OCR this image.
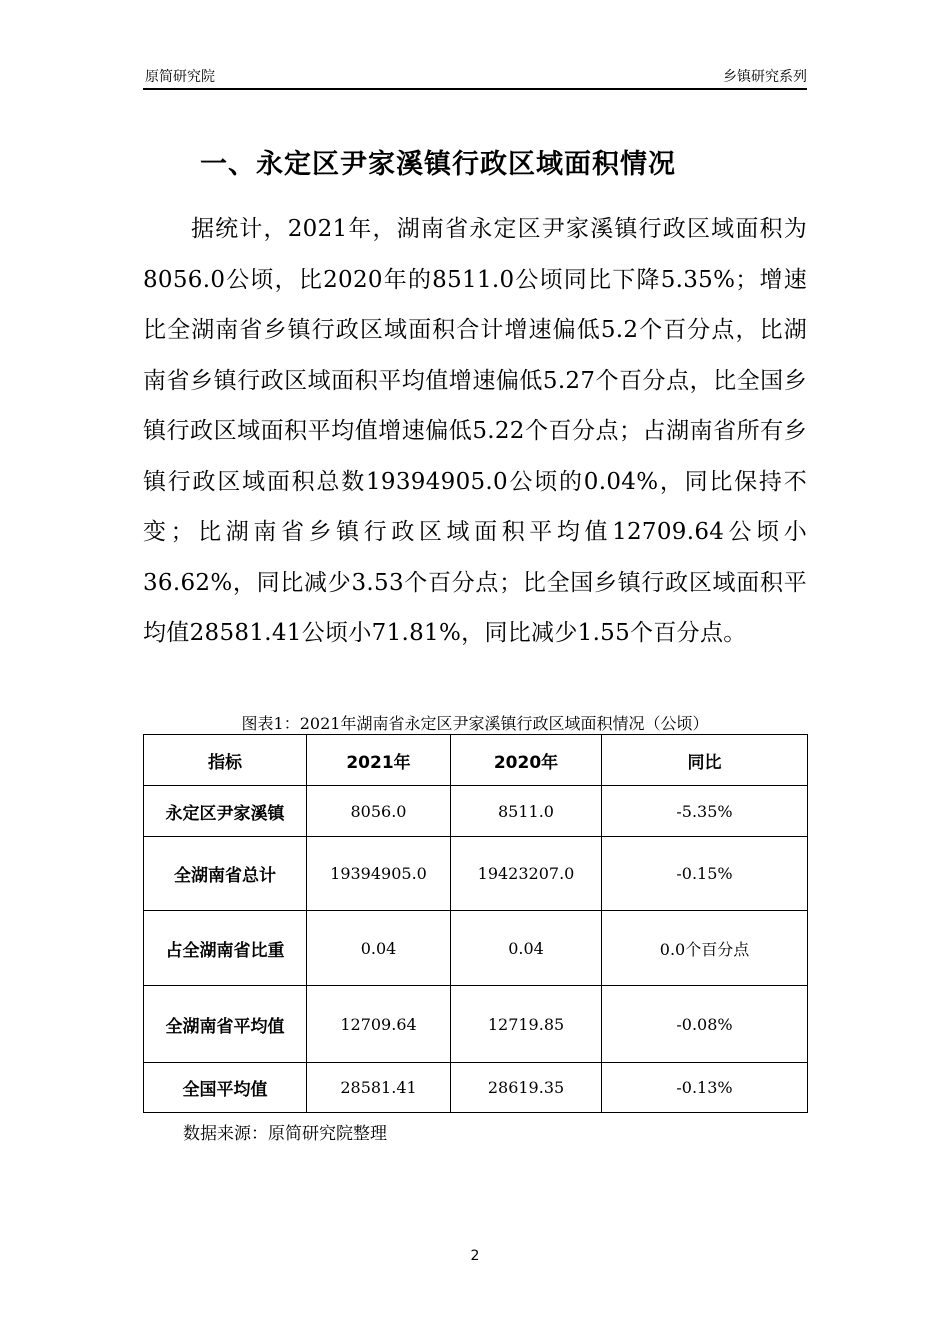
原简研究院	乡镇研究系列
一、永定区尹家溪镇行政区域面积情况
据统计，2021年，湖南省永定区尹家溪镇行政区域面积为8056.0公顷，比2020年的8511.0公顷同比下降5.35%；增速比全湖南省乡镇行政区域面积合计增速偏低5.2个百分点，比湖南省乡镇行政区域面积平均值增速偏低5.27个百分点，比全国乡镇行政区域面积平均值增速偏低5.22个百分点；占湖南省所有乡镇行政区域面积总数19394905.0公顷的0.04%，同比保持不变；比湖南省乡镇行政区域面积平均值12709.64公顷小36.62%，同比减少3.53个百分点；比全国乡镇行政区域面积平均值28581.41公顷小71.81%，同比减少1.55个百分点。
图表1：2021年湖南省永定区尹家溪镇行政区域面积情况（公顷）
指标	2021年	2020年	同比
永定区尹家溪镇	8056.0	8511.0	-5.35%
全湖南省总计	19394905.0	19423207.0	-0.15%
占全湖南省比重	0.04	0.04	0.0个百分点
全湖南省平均值	12709.64	12719.85	-0.08%
全国平均值	28581.41	28619.35	-0.13%
数据来源：原简研究院整理
2
